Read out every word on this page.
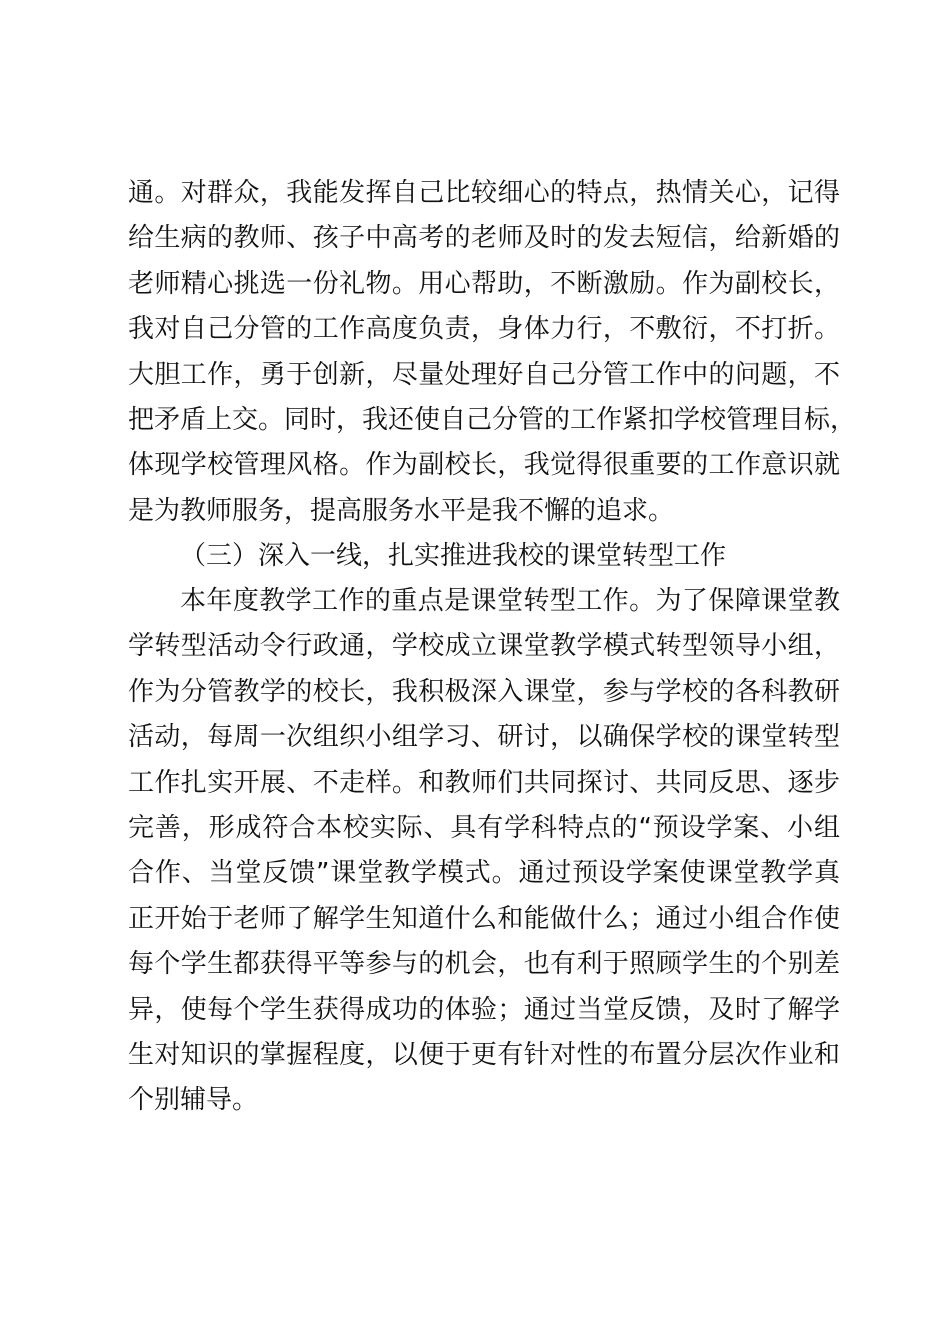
通。对群众，我能发挥自己比较细心的特点，热情关心，记得
给生病的教师、孩子中高考的老师及时的发去短信，给新婚的
老师精心挑选一份礼物。用心帮助，不断激励。作为副校长，
我对自己分管的工作高度负责，身体力行，不敷衍，不打折。
大胆工作，勇于创新，尽量处理好自己分管工作中的问题，不
把矛盾上交。同时，我还使自己分管的工作紧扣学校管理目标，
体现学校管理风格。作为副校长，我觉得很重要的工作意识就
是为教师服务，提高服务水平是我不懈的追求。
（三）深入一线，扎实推进我校的课堂转型工作
本年度教学工作的重点是课堂转型工作。为了保障课堂教
学转型活动令行政通，学校成立课堂教学模式转型领导小组，
作为分管教学的校长，我积极深入课堂，参与学校的各科教研
活动，每周一次组织小组学习、研讨，以确保学校的课堂转型
工作扎实开展、不走样。和教师们共同探讨、共同反思、逐步
完善，形成符合本校实际、具有学科特点的“预设学案、小组
合作、当堂反馈”课堂教学模式。通过预设学案使课堂教学真
正开始于老师了解学生知道什么和能做什么；通过小组合作使
每个学生都获得平等参与的机会，也有利于照顾学生的个别差
异，使每个学生获得成功的体验；通过当堂反馈，及时了解学
生对知识的掌握程度，以便于更有针对性的布置分层次作业和
个别辅导。
